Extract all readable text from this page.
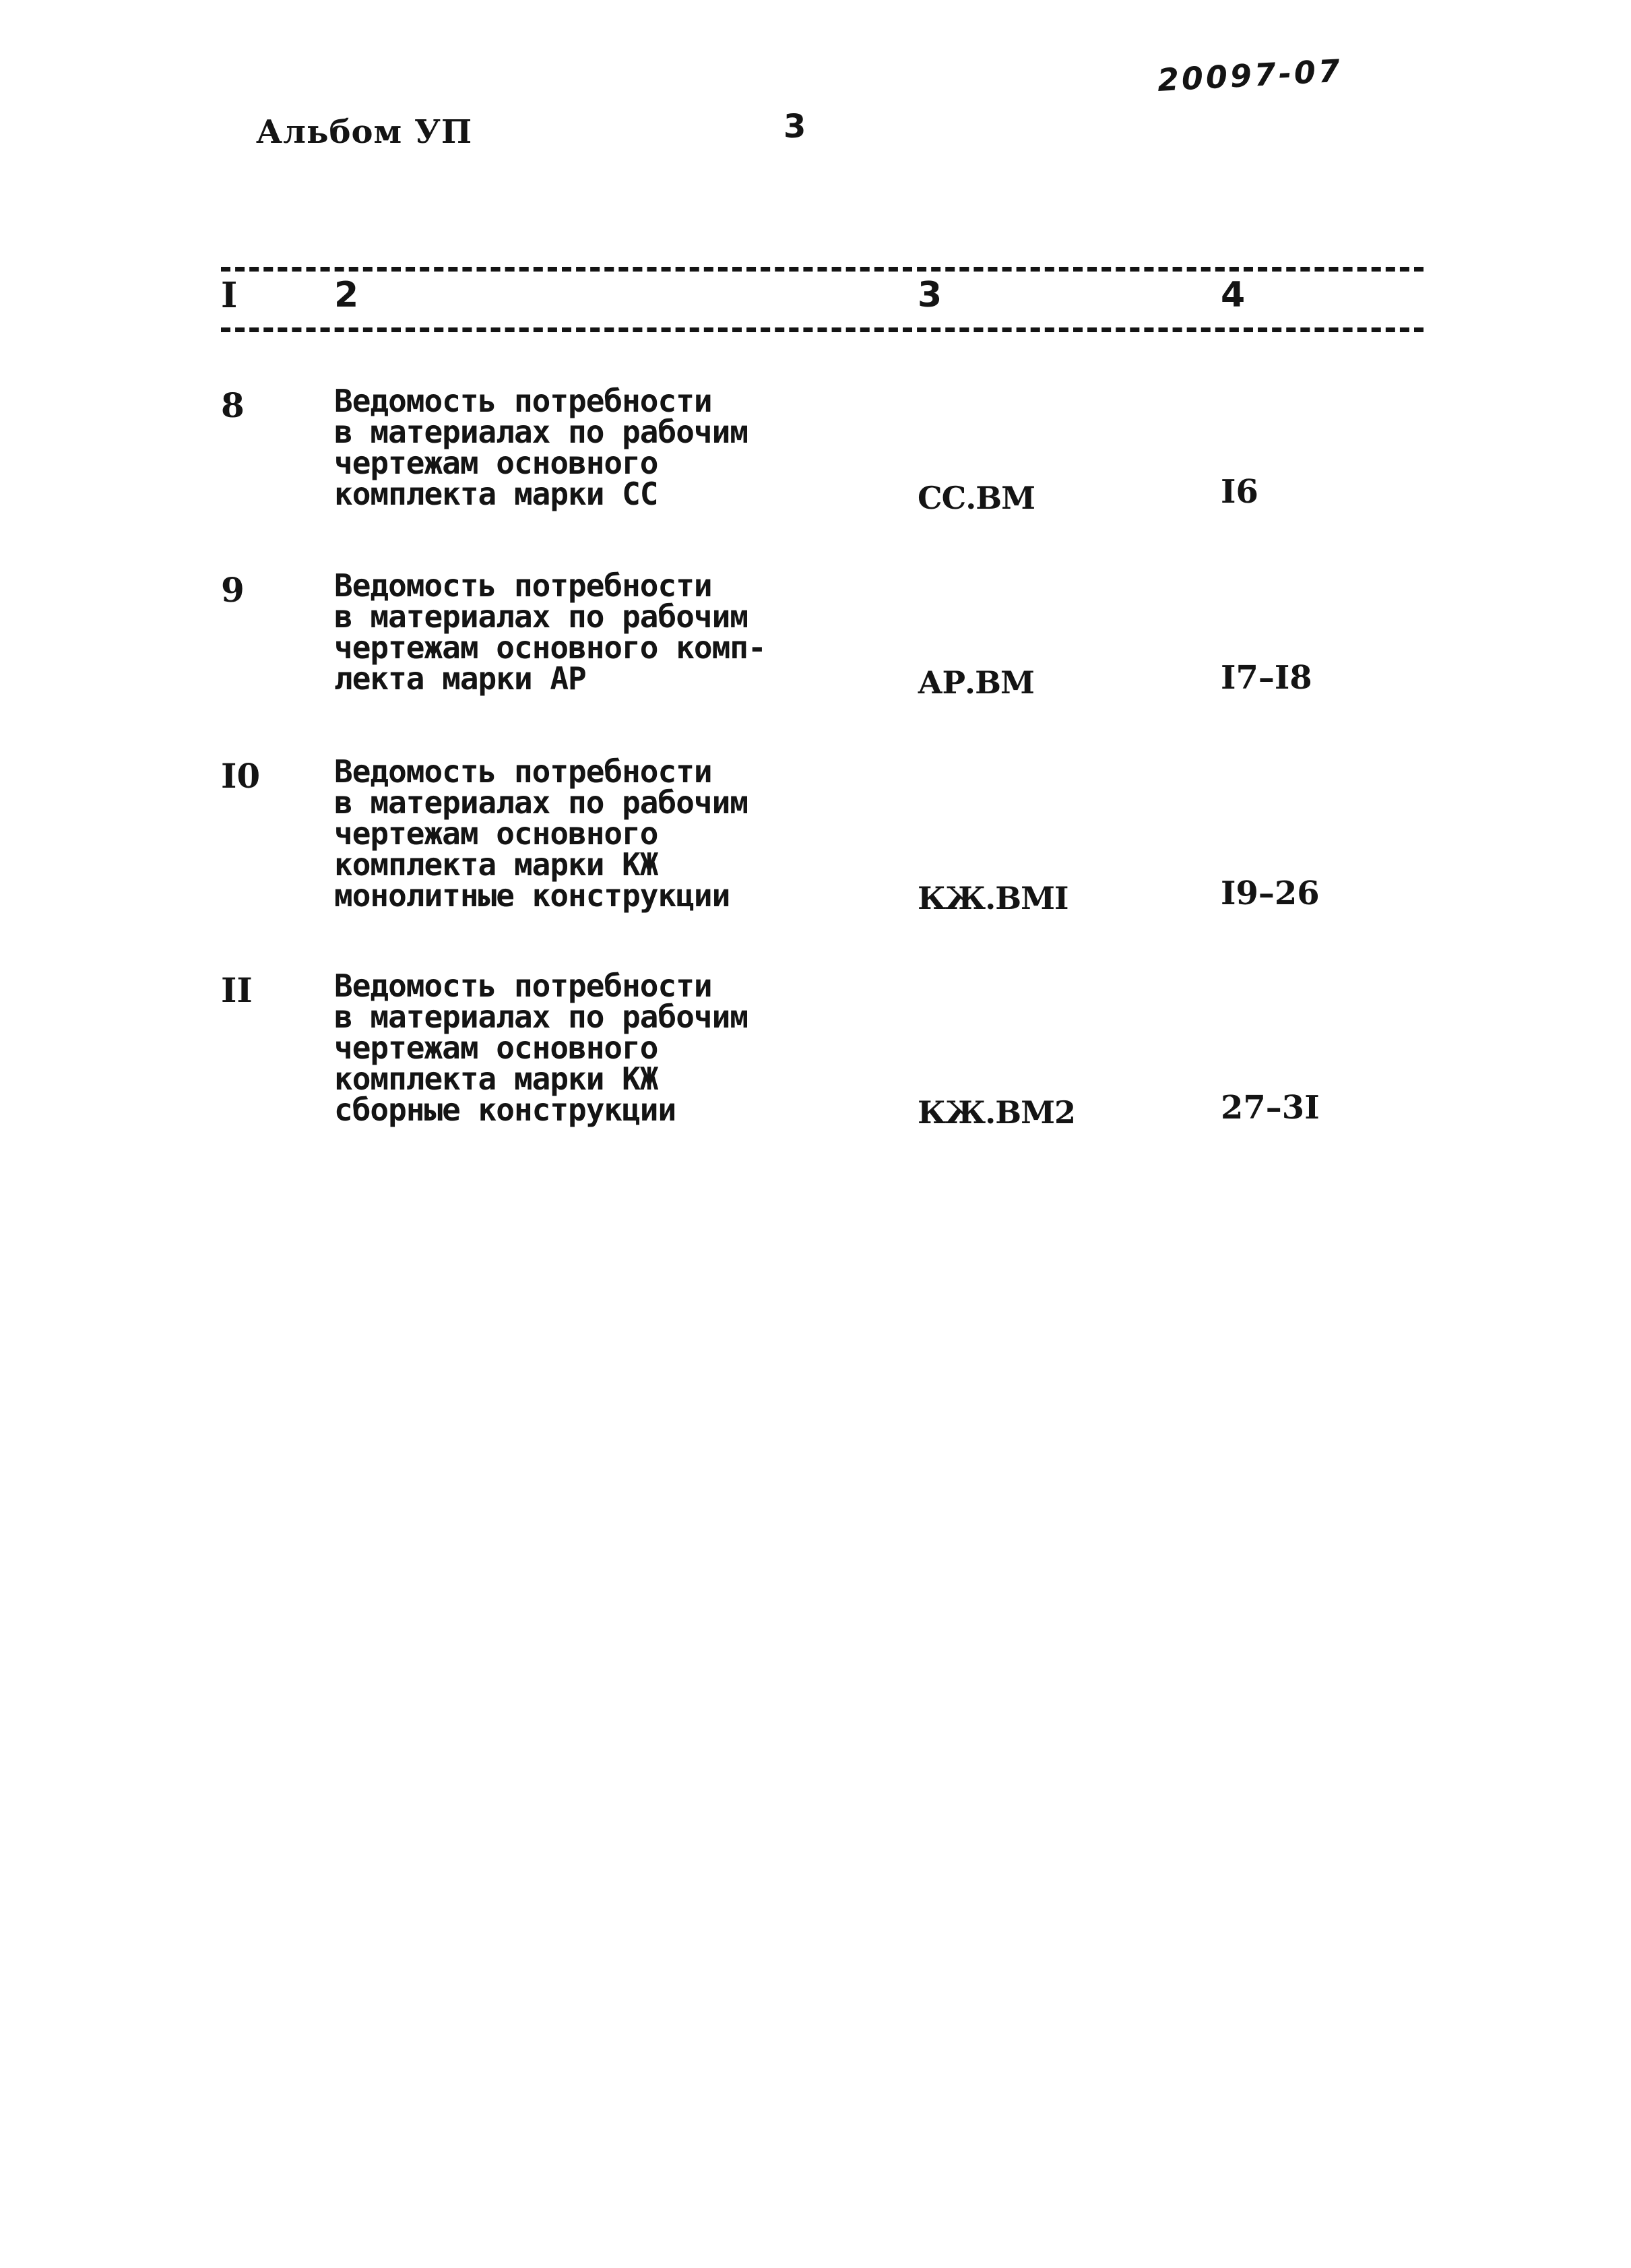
Альбом УП	3
20097-07
I	2	3	4
8	Ведомость потребности
в материалах по рабочим
чертежам основного
комплекта марки СС	СС.ВМ	I6
9	Ведомость потребности
в материалах по рабочим
чертежам основного комп-
лекта марки АР	АР.ВМ	I7–I8
I0 Ведомость потребности
в материалах по рабочим
чертежам основного
комплекта марки КЖ
монолитные конструкции	КЖ.ВМI	I9–26
II	Ведомость потребности
в материалах по рабочим
чертежам основного
комплекта марки КЖ
сборные конструкции	КЖ.ВМ2	27–3I
